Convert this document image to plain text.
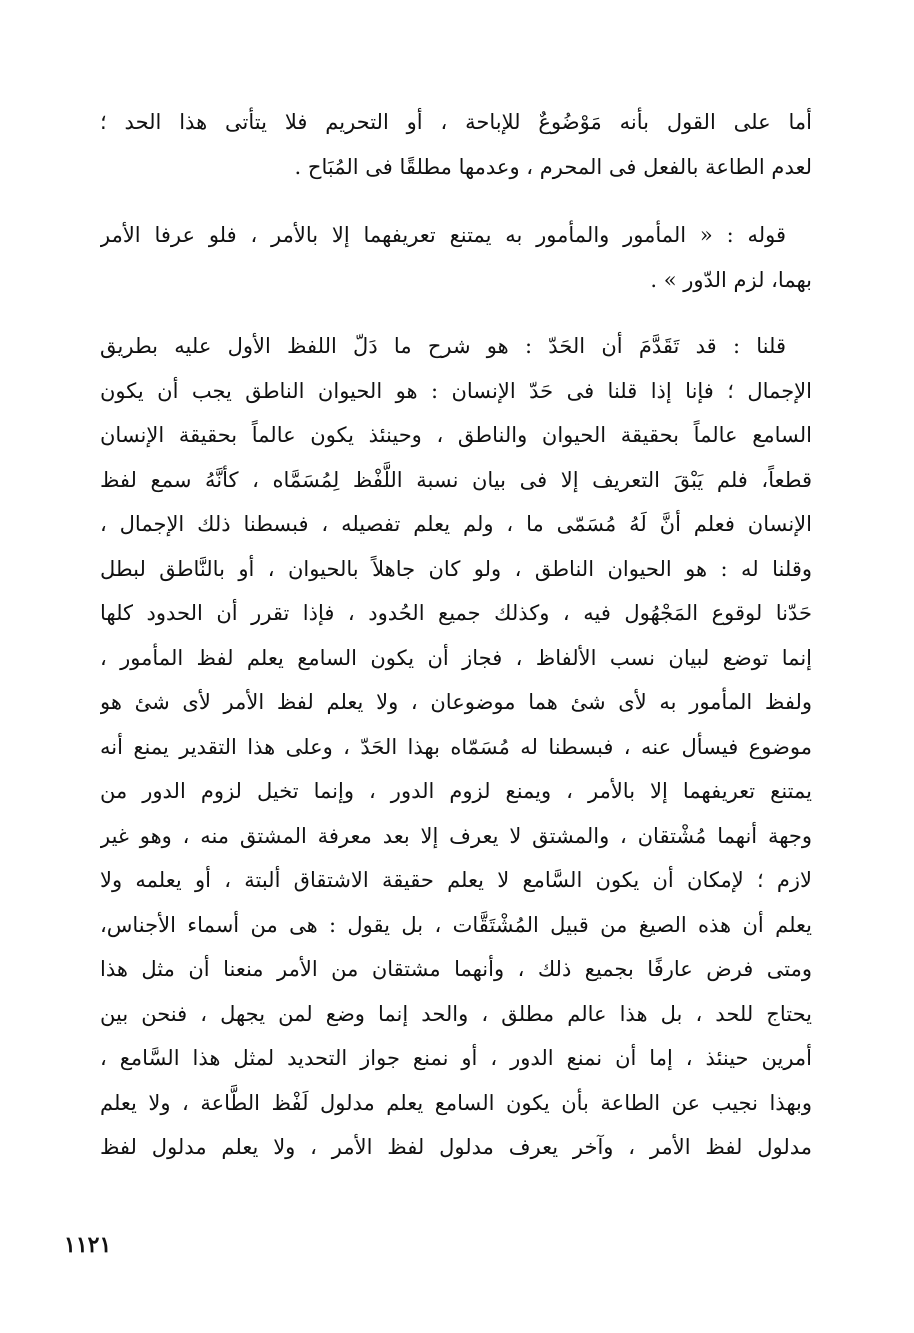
أما على القول بأنه مَوْضُوعٌ للإباحة ، أو التحريم فلا يتأتى هذا الحد ؛
لعدم الطاعة بالفعل فى المحرم ، وعدمها مطلقًا فى المُبَاح .
قوله : « المأمور والمأمور به يمتنع تعريفهما إلا بالأمر ، فلو عرفا الأمر
بهما، لزم الدّور » .
قلنا : قد تَقَدَّمَ أن الحَدّ : هو شرح ما دَلّ اللفظ الأول عليه بطريق
الإجمال ؛ فإنا إذا قلنا فى حَدّ الإنسان : هو الحيوان الناطق يجب أن يكون
السامع عالماً بحقيقة الحيوان والناطق ، وحينئذ يكون عالماً بحقيقة الإنسان
قطعاً، فلم يَبْقَ التعريف إلا فى بيان نسبة اللَّفْظ لِمُسَمَّاه ، كأنَّهُ سمع لفظ
الإنسان فعلم أنَّ لَهُ مُسَمّى ما ، ولم يعلم تفصيله ، فبسطنا ذلك الإجمال ،
وقلنا له : هو الحيوان الناطق ، ولو كان جاهلاً بالحيوان ، أو بالنَّاطق لبطل
حَدّنا لوقوع المَجْهُول فيه ، وكذلك جميع الحُدود ، فإذا تقرر أن الحدود كلها
إنما توضع لبيان نسب الألفاظ ، فجاز أن يكون السامع يعلم لفظ المأمور ،
ولفظ المأمور به لأى شئ هما موضوعان ، ولا يعلم لفظ الأمر لأى شئ هو
موضوع فيسأل عنه ، فبسطنا له مُسَمّاه بهذا الحَدّ ، وعلى هذا التقدير يمنع أنه
يمتنع تعريفهما إلا بالأمر ، ويمنع لزوم الدور ، وإنما تخيل لزوم الدور من
وجهة أنهما مُشْتقان ، والمشتق لا يعرف إلا بعد معرفة المشتق منه ، وهو غير
لازم ؛ لإمكان أن يكون السَّامع لا يعلم حقيقة الاشتقاق ألبتة ، أو يعلمه ولا
يعلم أن هذه الصيغ من قبيل المُشْتَقَّات ، بل يقول : هى من أسماء الأجناس،
ومتى فرض عارفًا بجميع ذلك ، وأنهما مشتقان من الأمر منعنا أن مثل هذا
يحتاج للحد ، بل هذا عالم مطلق ، والحد إنما وضع لمن يجهل ، فنحن بين
أمرين حينئذ ، إما أن نمنع الدور ، أو نمنع جواز التحديد لمثل هذا السَّامع ،
وبهذا نجيب عن الطاعة بأن يكون السامع يعلم مدلول لَفْظ الطَّاعة ، ولا يعلم
مدلول لفظ الأمر ، وآخر يعرف مدلول لفظ الأمر ، ولا يعلم مدلول لفظ
١١٢١
